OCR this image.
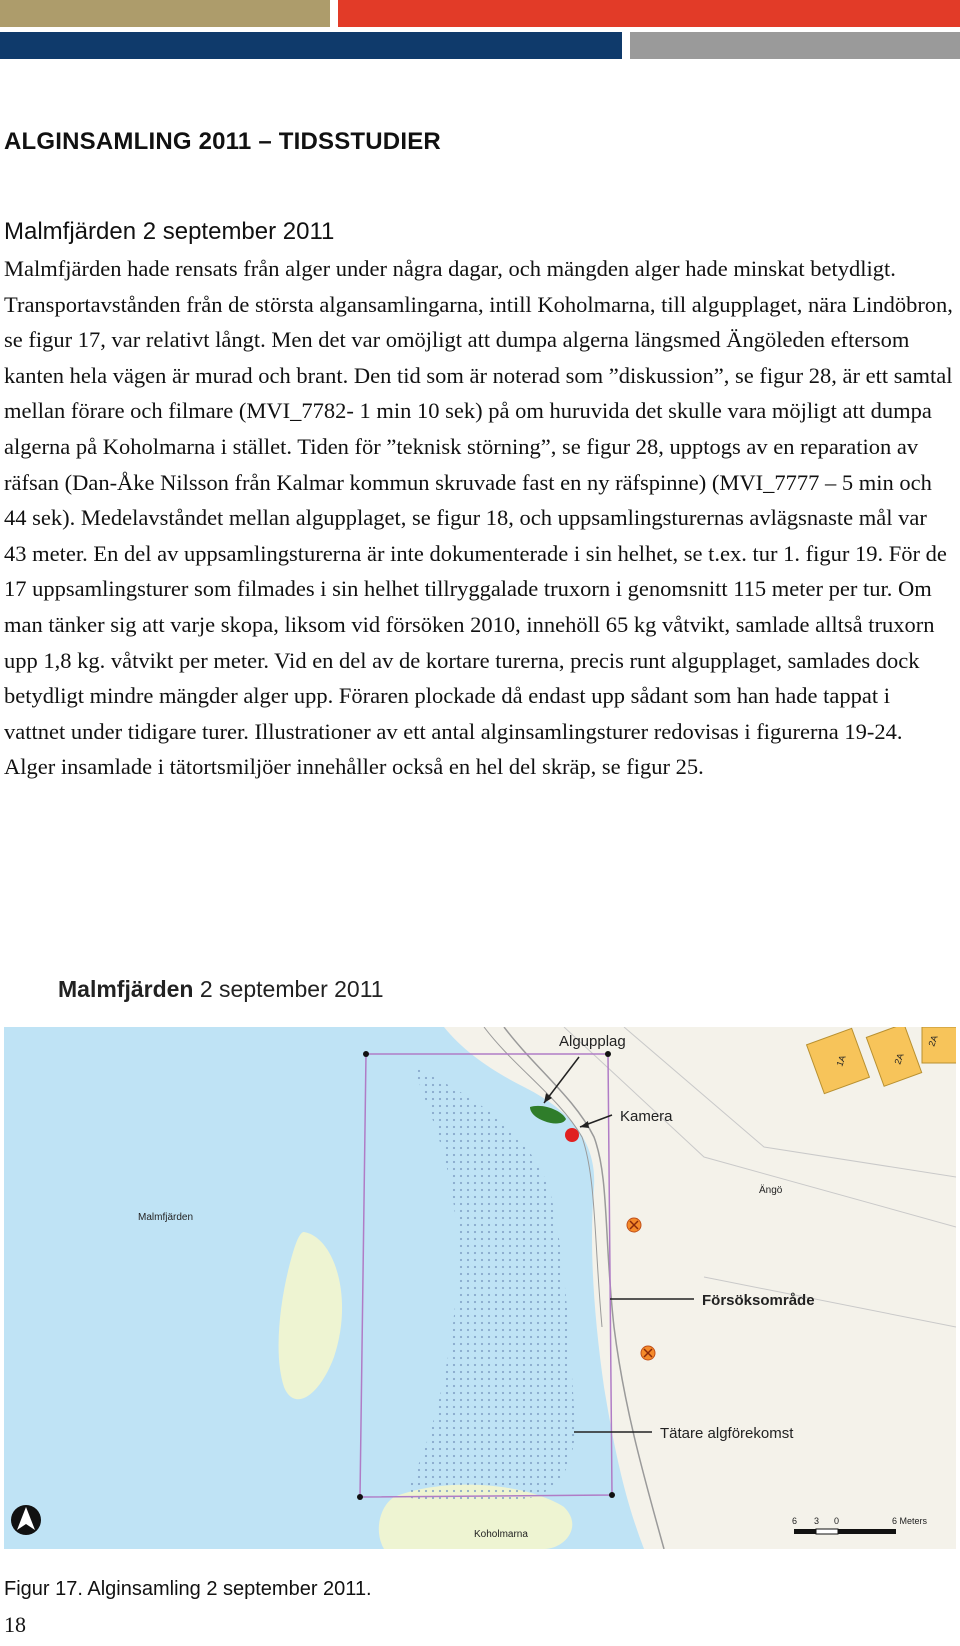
ALGINSAMLING 2011 – TIDSSTUDIER
Malmfjärden 2 september 2011

Malmfjärden hade rensats från alger under några dagar, och mängden alger hade minskat betydligt. Transportavstånden från de största algansamlingarna, intill Koholmarna, till algupplaget, nära Lindöbron, se figur 17, var relativt långt. Men det var omöjligt att dumpa algerna längsmed Ängöleden eftersom kanten hela vägen är murad och brant. Den tid som är noterad som ”diskussion”, se figur 28, är ett samtal mellan förare och filmare (MVI_7782- 1 min 10 sek) på om huruvida det skulle vara möjligt att dumpa algerna på Koholmarna i stället. Tiden för ”teknisk störning”, se figur 28, upptogs av en reparation av räfsan (Dan-Åke Nilsson från Kalmar kommun skruvade fast en ny räfspinne) (MVI_7777 – 5 min och 44 sek). Medelavståndet mellan algupplaget, se figur 18, och uppsamlingsturernas avlägsnaste mål var 43 meter. En del av uppsamlingsturerna är inte dokumenterade i sin helhet, se t.ex. tur 1. figur 19. För de 17 uppsamlingsturer som filmades i sin helhet tillryggalade truxorn i genomsnitt 115 meter per tur. Om man tänker sig att varje skopa, liksom vid försöken 2010, innehöll 65 kg våtvikt, samlade alltså truxorn upp 1,8 kg. våtvikt per meter. Vid en del av de kortare turerna, precis runt algupplaget, samlades dock betydligt mindre mängder alger upp. Föraren plockade då endast upp sådant som han hade tappat i vattnet under tidigare turer. Illustrationer av ett antal alginsamlingsturer redovisas i figurerna 19-24. Alger insamlade i tätortsmiljöer innehåller också en hel del skräp, se figur 25.

Malmfjärden 2 september 2011
1A	2A
2A
Algupplag
Kamera
Ängö
Malmfjärden
Försöksområde
Tätare algförekomst
Koholmarna
6 3 0	6 Meters
Figur 17. Alginsamling 2 september 2011.
18
